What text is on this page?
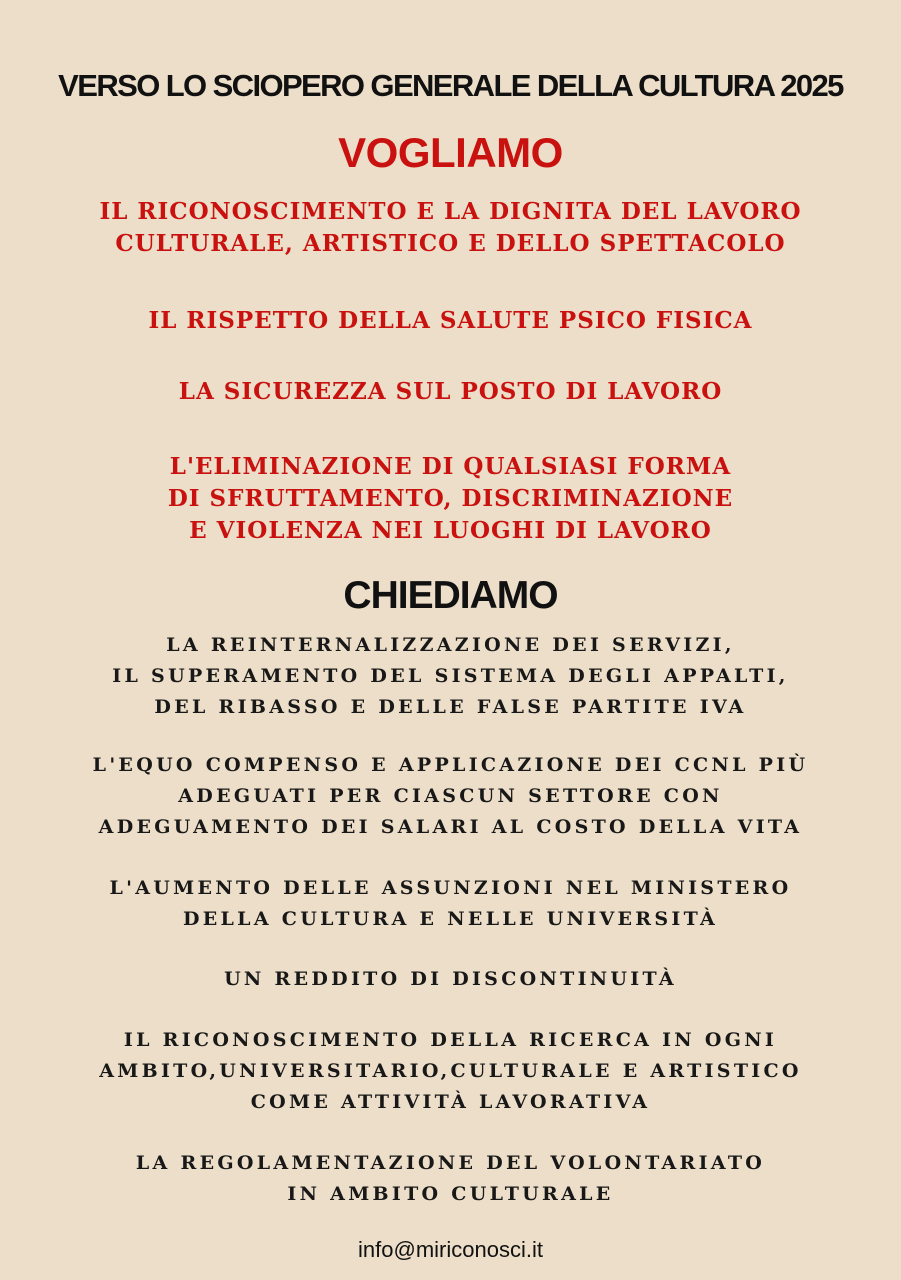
VERSO LO SCIOPERO GENERALE DELLA CULTURA 2025
VOGLIAMO
IL RICONOSCIMENTO E LA DIGNITA DEL LAVORO
CULTURALE, ARTISTICO E DELLO SPETTACOLO
IL RISPETTO DELLA SALUTE PSICO FISICA
LA SICUREZZA SUL POSTO DI LAVORO
L'ELIMINAZIONE DI QUALSIASI FORMA
DI SFRUTTAMENTO, DISCRIMINAZIONE
E VIOLENZA NEI LUOGHI DI LAVORO
CHIEDIAMO
LA REINTERNALIZZAZIONE DEI SERVIZI,
IL SUPERAMENTO DEL SISTEMA DEGLI APPALTI,
DEL RIBASSO E DELLE FALSE PARTITE IVA
L'EQUO COMPENSO E APPLICAZIONE DEI CCNL PIÙ
ADEGUATI PER CIASCUN SETTORE CON
ADEGUAMENTO DEI SALARI AL COSTO DELLA VITA
L'AUMENTO DELLE ASSUNZIONI NEL MINISTERO
DELLA CULTURA E NELLE UNIVERSITÀ
UN REDDITO DI DISCONTINUITÀ
IL RICONOSCIMENTO DELLA RICERCA IN OGNI
AMBITO,UNIVERSITARIO,CULTURALE E ARTISTICO
COME ATTIVITÀ LAVORATIVA
LA REGOLAMENTAZIONE DEL VOLONTARIATO
IN AMBITO CULTURALE
info@miriconosci.it
